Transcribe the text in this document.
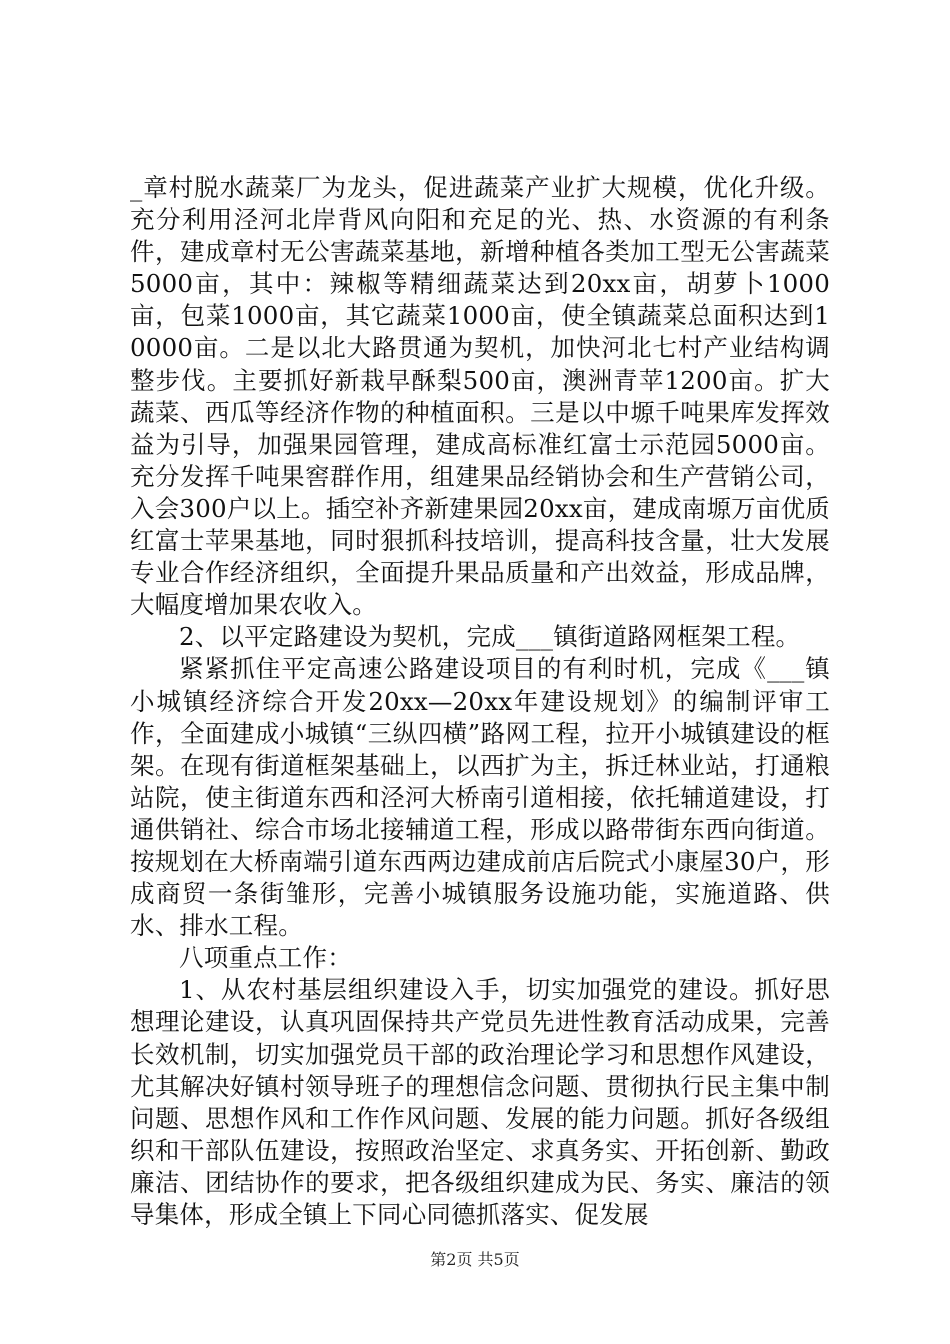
_章村脱水蔬菜厂为龙头，促进蔬菜产业扩大规模，优化升级。充分利用泾河北岸背风向阳和充足的光、热、水资源的有利条件，建成章村无公害蔬菜基地，新增种植各类加工型无公害蔬菜5000亩，其中：辣椒等精细蔬菜达到20xx亩，胡萝卜1000亩，包菜1000亩，其它蔬菜1000亩，使全镇蔬菜总面积达到10000亩。二是以北大路贯通为契机，加快河北七村产业结构调整步伐。主要抓好新栽早酥梨500亩，澳洲青苹1200亩。扩大蔬菜、西瓜等经济作物的种植面积。三是以中塬千吨果库发挥效益为引导，加强果园管理，建成高标准红富士示范园5000亩。充分发挥千吨果窖群作用，组建果品经销协会和生产营销公司，入会300户以上。插空补齐新建果园20xx亩，建成南塬万亩优质红富士苹果基地，同时狠抓科技培训，提高科技含量，壮大发展专业合作经济组织，全面提升果品质量和产出效益，形成品牌，大幅度增加果农收入。

2、以平定路建设为契机，完成___镇街道路网框架工程。

紧紧抓住平定高速公路建设项目的有利时机，完成《___镇小城镇经济综合开发20xx—20xx年建设规划》的编制评审工作，全面建成小城镇“三纵四横”路网工程，拉开小城镇建设的框架。在现有街道框架基础上，以西扩为主，拆迁林业站，打通粮站院，使主街道东西和泾河大桥南引道相接，依托辅道建设，打通供销社、综合市场北接辅道工程，形成以路带街东西向街道。按规划在大桥南端引道东西两边建成前店后院式小康屋30户，形成商贸一条街雏形，完善小城镇服务设施功能，实施道路、供水、排水工程。

八项重点工作：

1、从农村基层组织建设入手，切实加强党的建设。抓好思想理论建设，认真巩固保持共产党员先进性教育活动成果，完善长效机制，切实加强党员干部的政治理论学习和思想作风建设，尤其解决好镇村领导班子的理想信念问题、贯彻执行民主集中制问题、思想作风和工作作风问题、发展的能力问题。抓好各级组织和干部队伍建设，按照政治坚定、求真务实、开拓创新、勤政廉洁、团结协作的要求，把各级组织建成为民、务实、廉洁的领导集体，形成全镇上下同心同德抓落实、促发展

第2页 共5页
